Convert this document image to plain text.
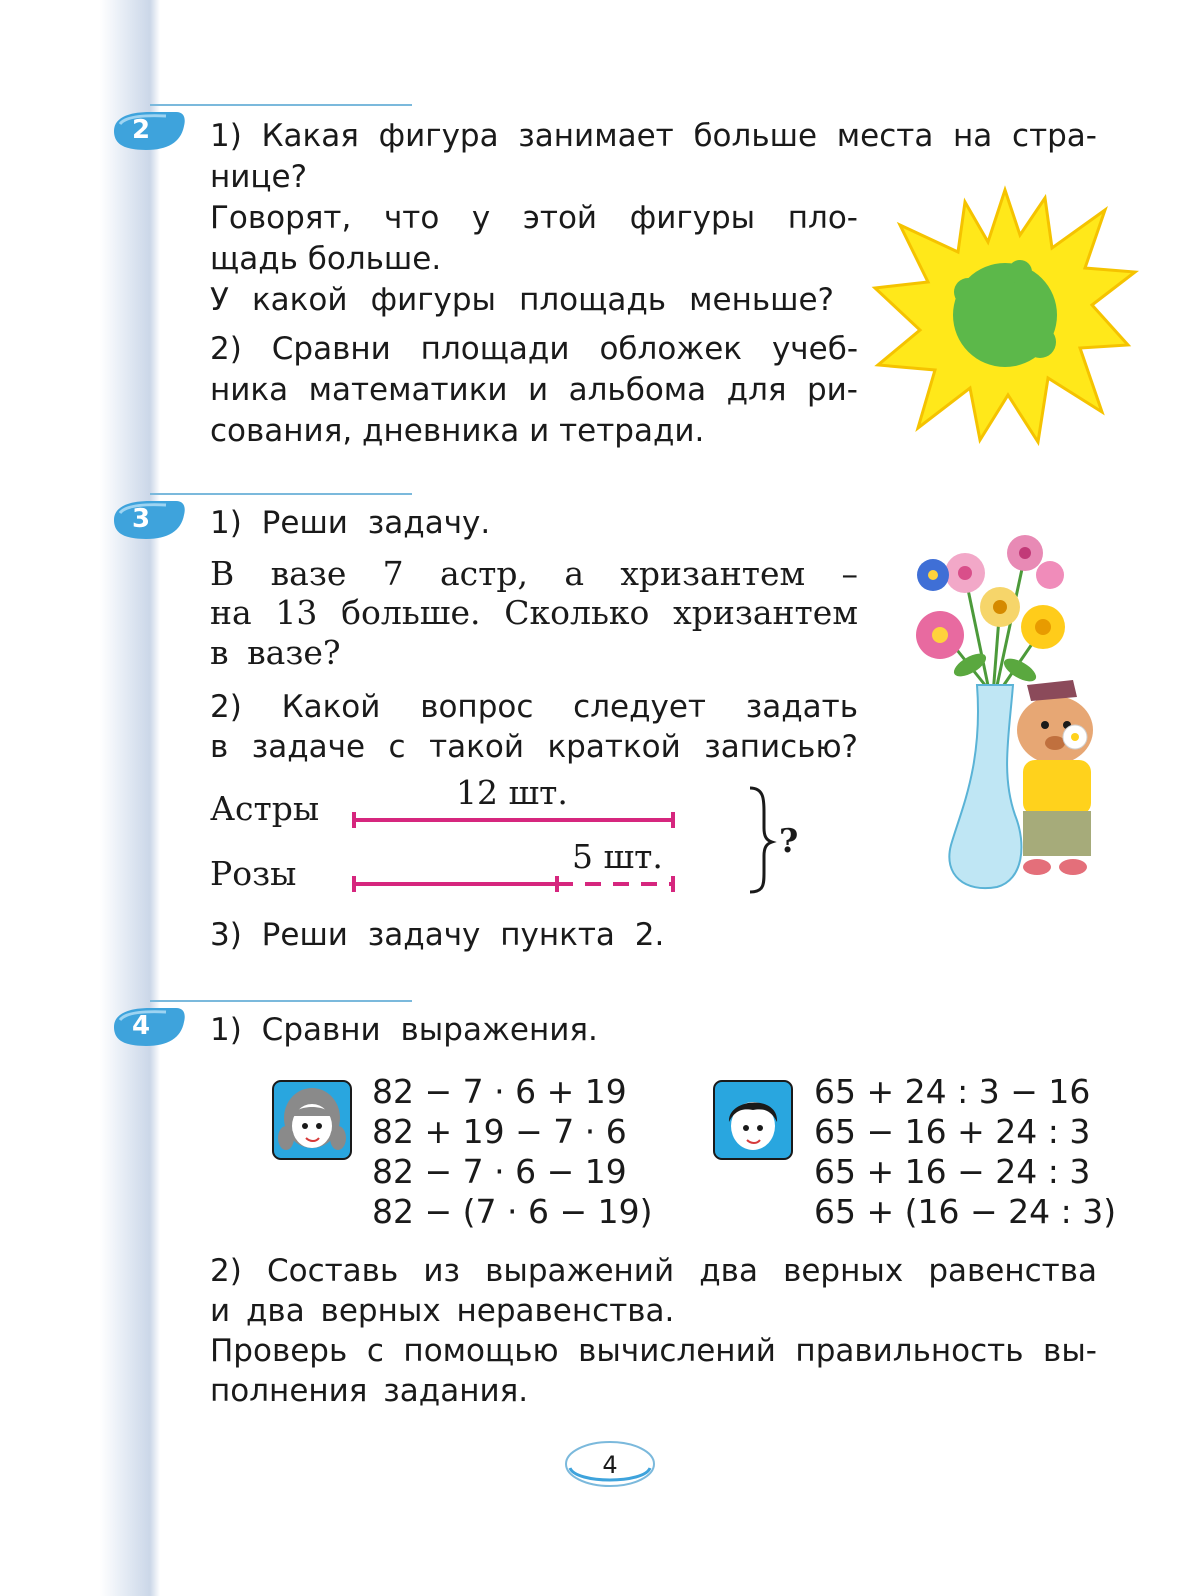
2	1) Какая фигура занимает больше места на стра-
нице?
Говорят, что у этой фигуры пло-
щадь больше.
У какой фигуры площадь меньше?
2) Сравни площади обложек учеб-
ника математики и альбома для ри-
сования, дневника и тетради.
3	1) Реши задачу.
В вазе 7 астр, а хризантем –
на 13 больше. Сколько хризантем
в вазе?
2) Какой вопрос следует задать
в задаче с такой краткой записью?
Астры	12 шт.
Розы	5 шт.	?
3) Реши задачу пункта 2.
4	1) Сравни выражения.
82 − 7 · 6 + 19
82 + 19 − 7 · 6
82 − 7 · 6 − 19
82 − (7 · 6 − 19)
65 + 24 : 3 − 16
65 − 16 + 24 : 3
65 + 16 − 24 : 3
65 + (16 − 24 : 3)
2) Составь из выражений два верных равенства
и два верных неравенства.
Проверь с помощью вычислений правильность вы-
полнения задания.
4
